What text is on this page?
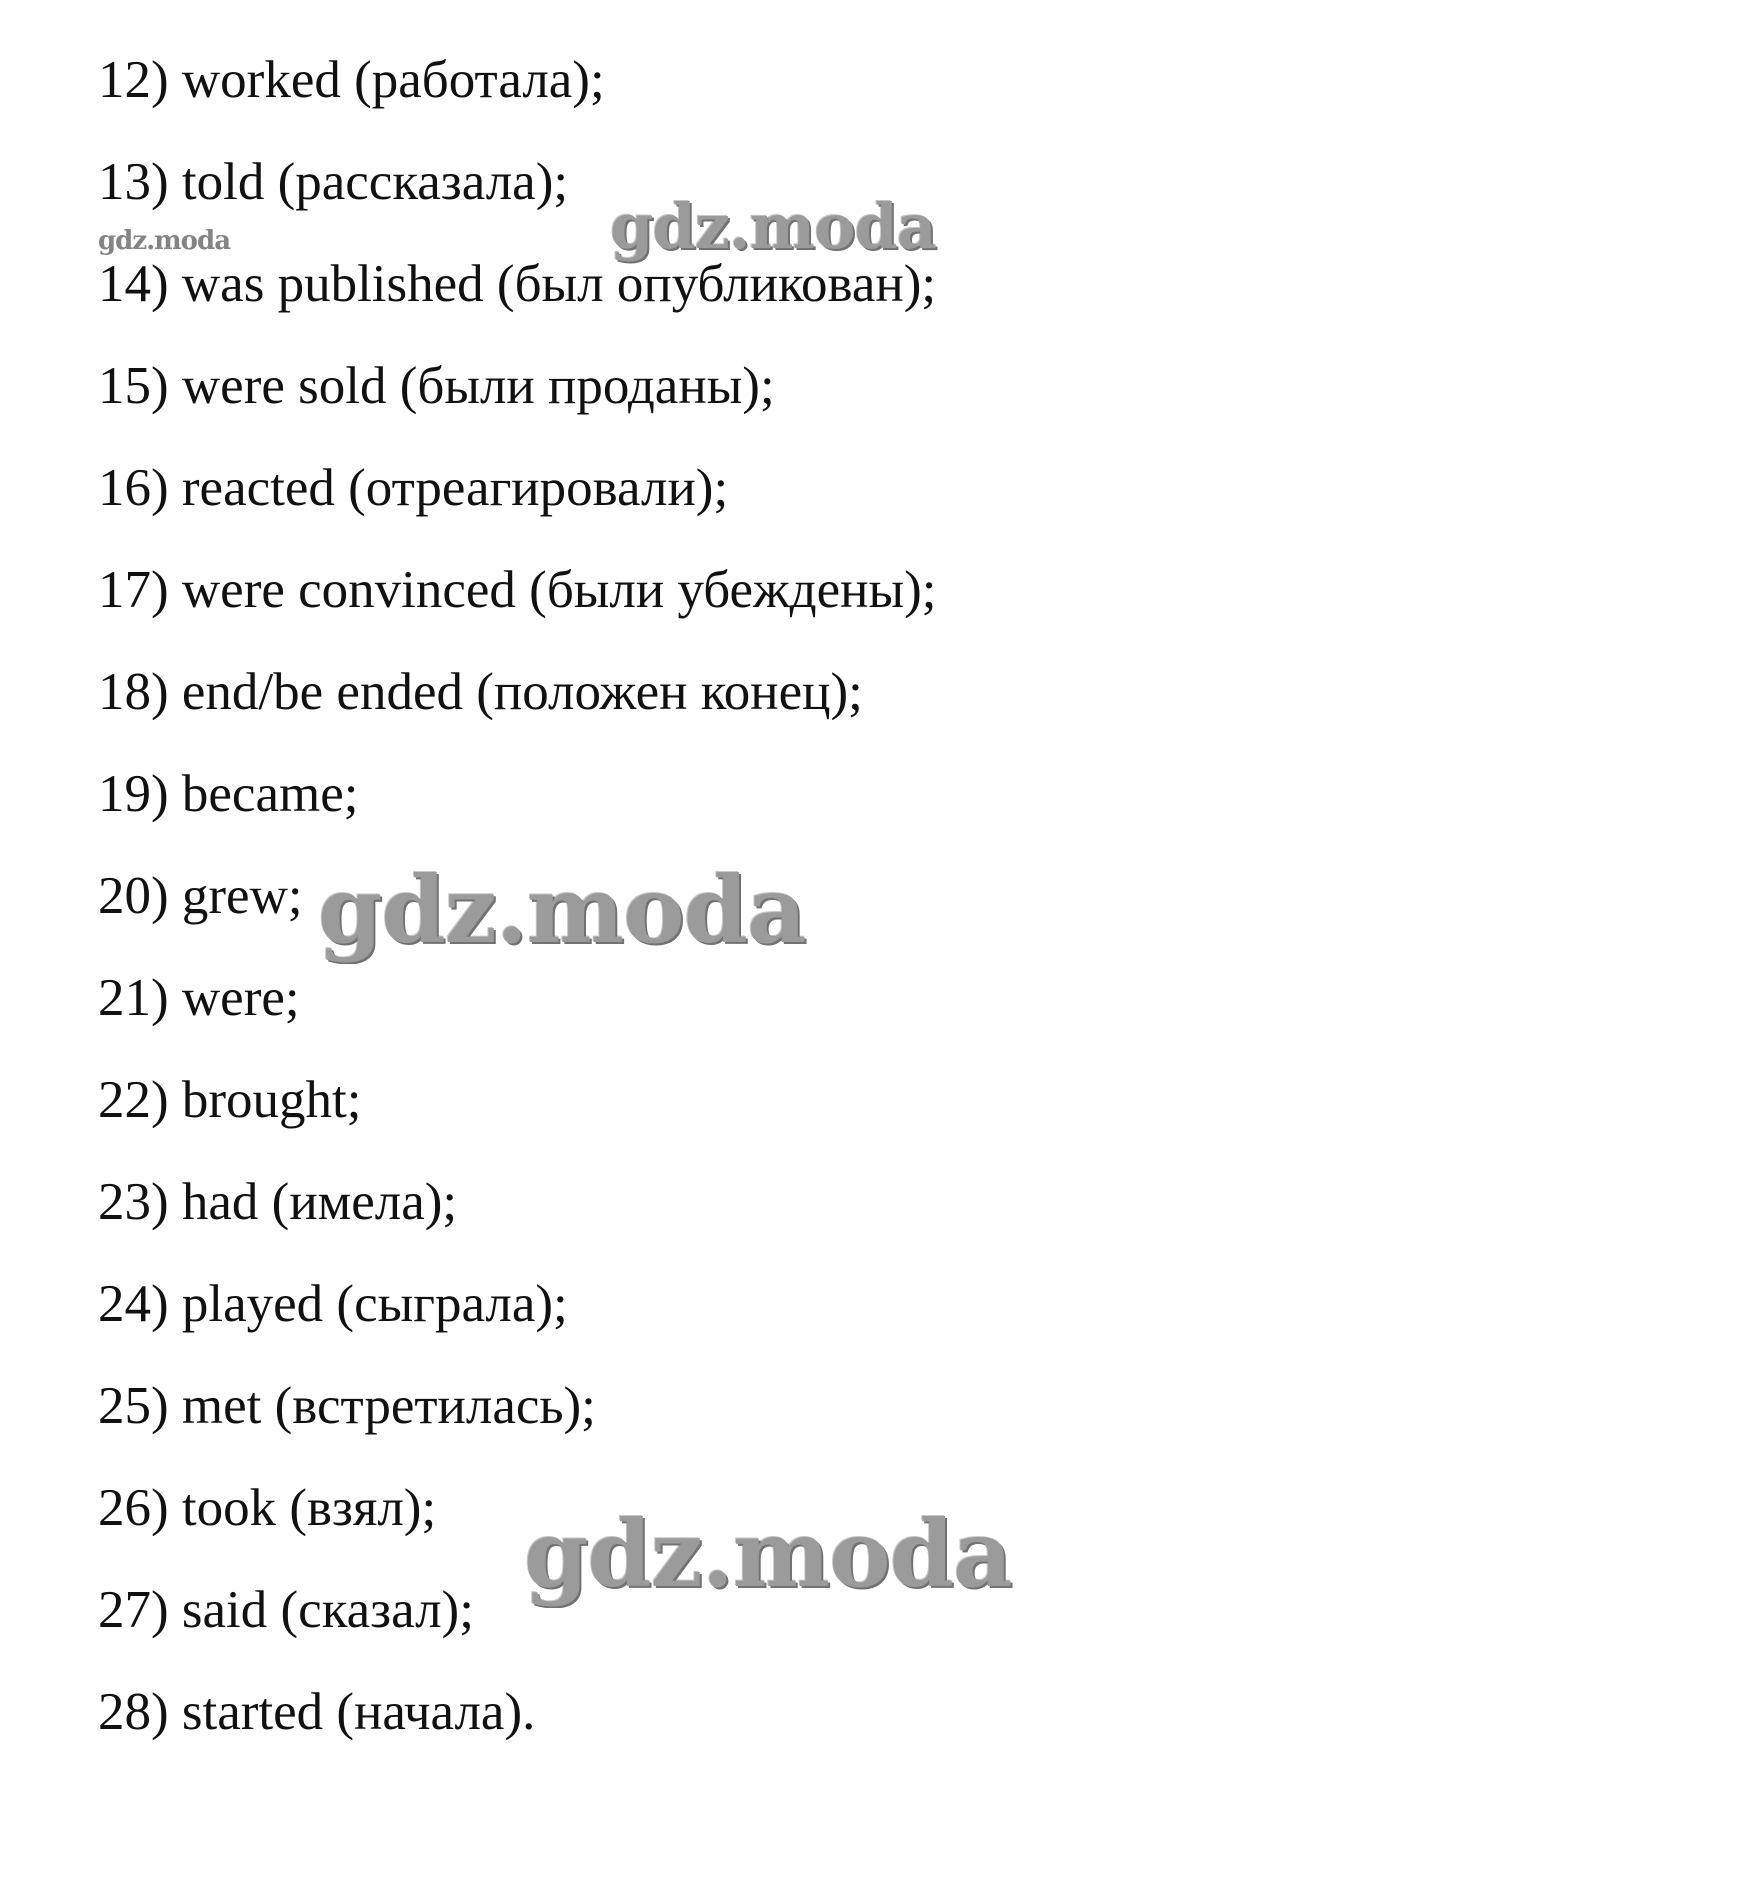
12) worked (работала);
13) told (рассказала);
14) was published (был опубликован);
15) were sold (были проданы);
16) reacted (отреагировали);
17) were convinced (были убеждены);
18) end/be ended (положен конец);
19) became;
20) grew;
21) were;
22) brought;
23) had (имела);
24) played (сыграла);
25) met (встретилась);
26) took (взял);
27) said (сказал);
28) started (начала).
gdz.moda	gdz.moda
gdz.moda
gdz.moda
